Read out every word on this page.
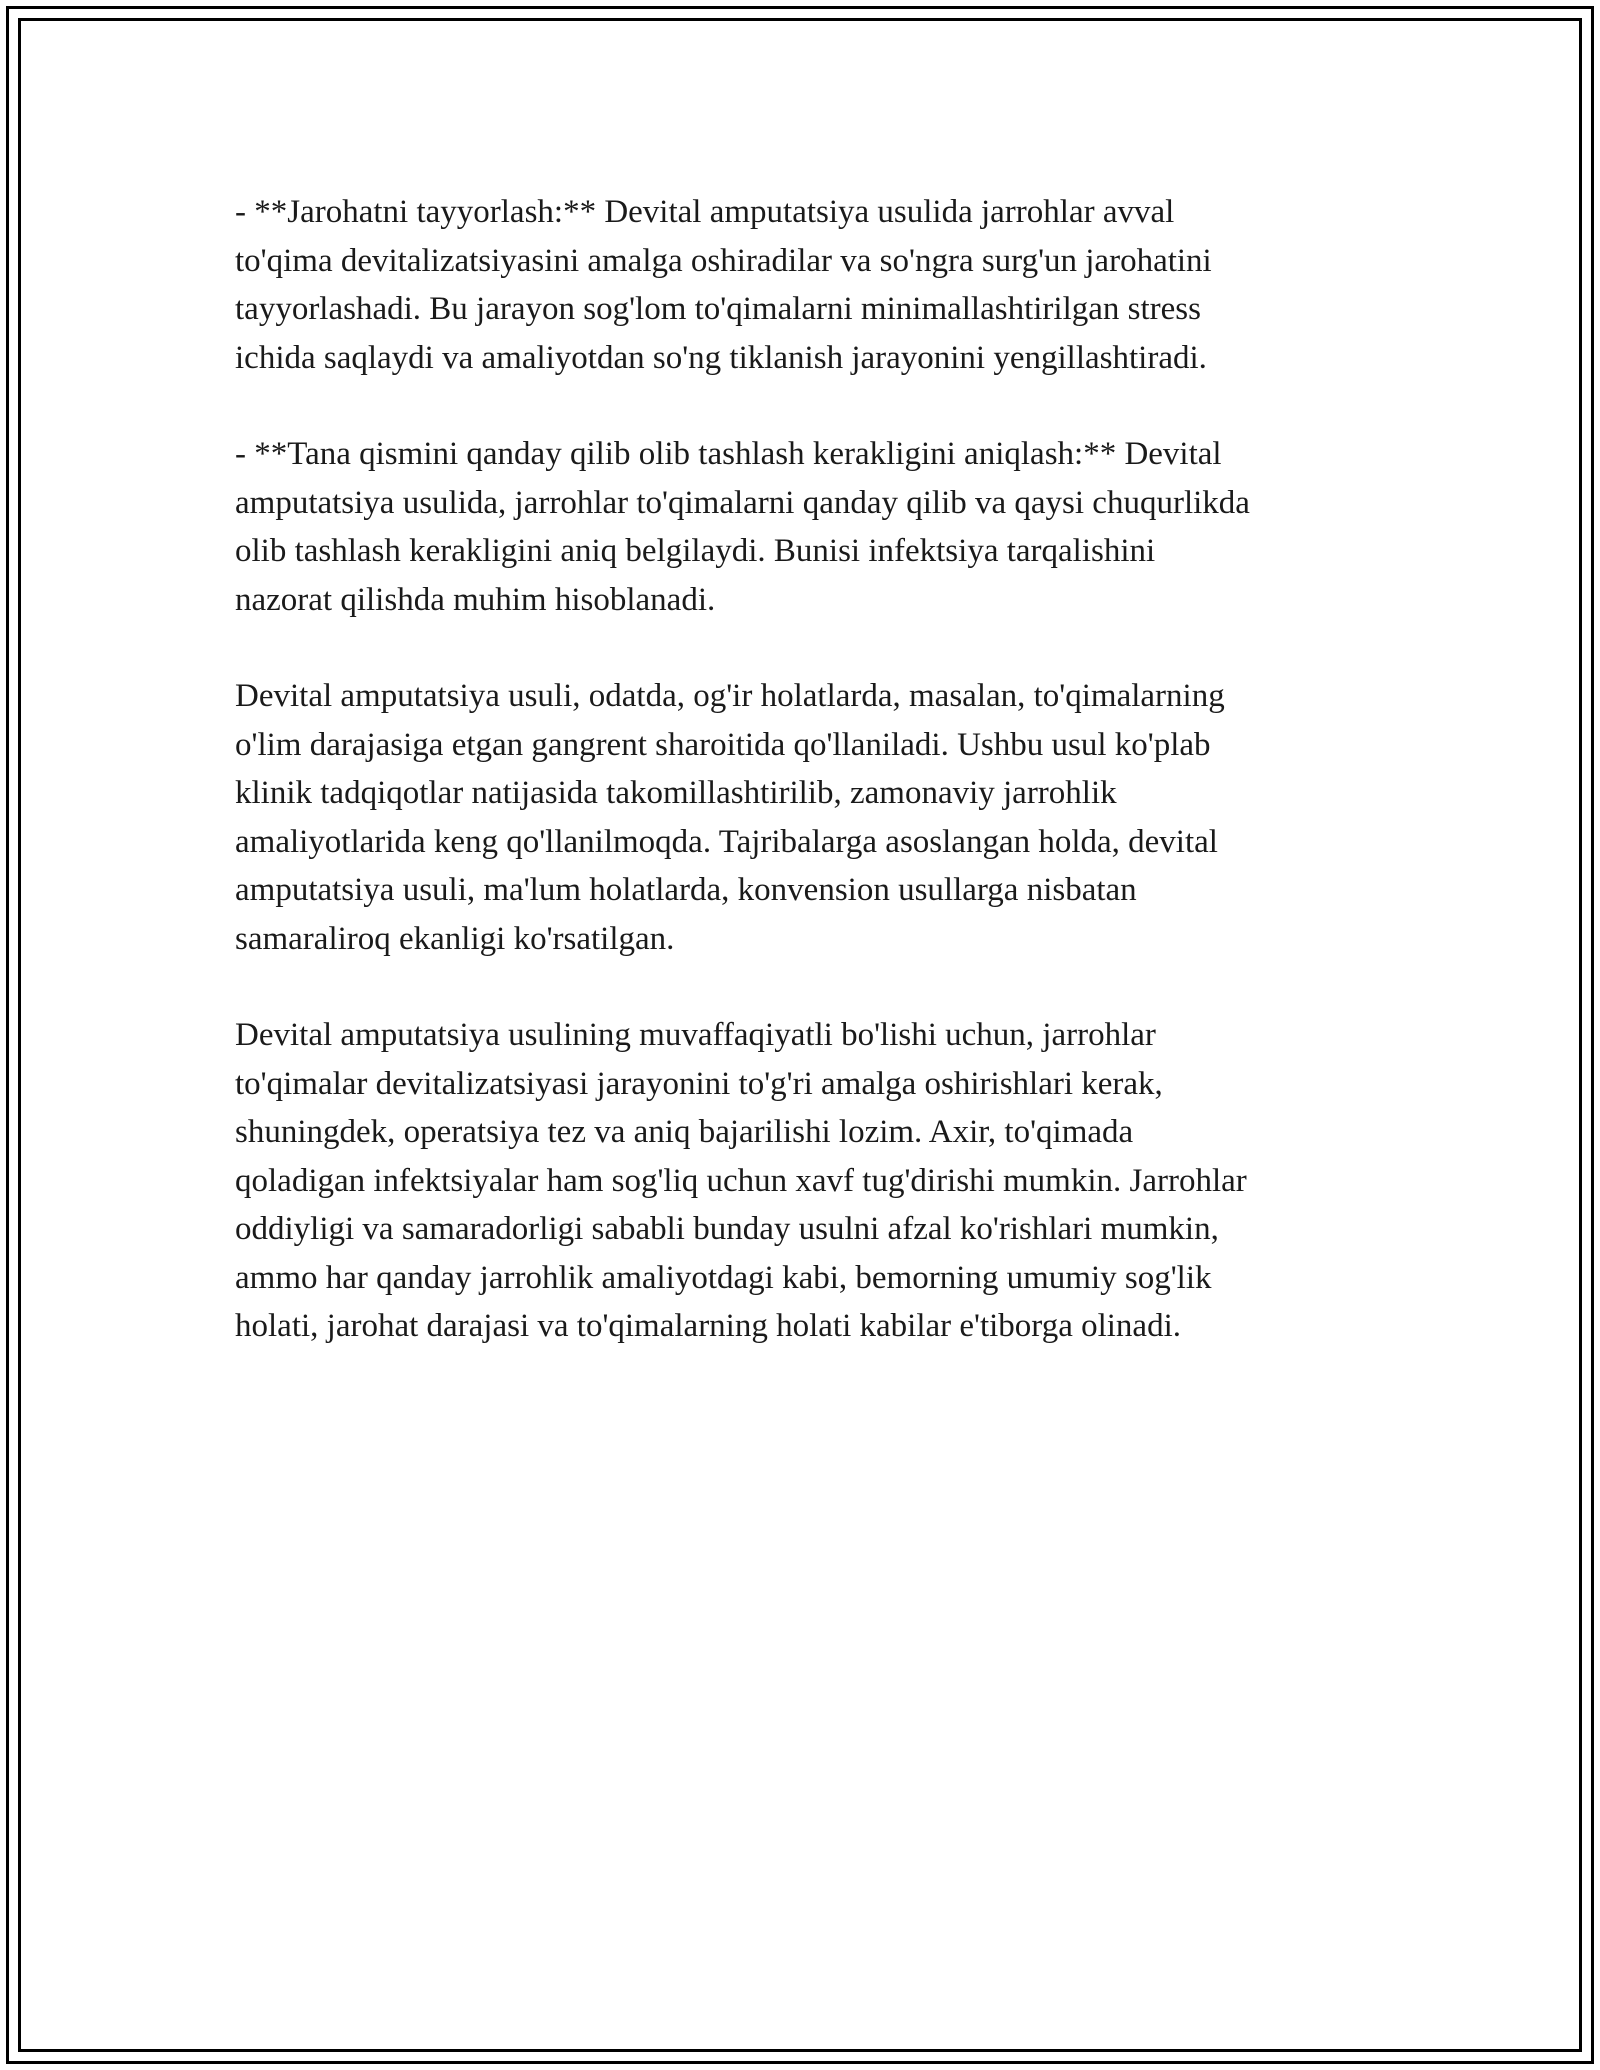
- **Jarohatni tayyorlash:** Devital amputatsiya usulida jarrohlar avval
to'qima devitalizatsiyasini amalga oshiradilar va so'ngra surg'un jarohatini
tayyorlashadi. Bu jarayon sog'lom to'qimalarni minimallashtirilgan stress
ichida saqlaydi va amaliyotdan so'ng tiklanish jarayonini yengillashtiradi.

- **Tana qismini qanday qilib olib tashlash kerakligini aniqlash:** Devital
amputatsiya usulida, jarrohlar to'qimalarni qanday qilib va qaysi chuqurlikda
olib tashlash kerakligini aniq belgilaydi. Bunisi infektsiya tarqalishini
nazorat qilishda muhim hisoblanadi.

Devital amputatsiya usuli, odatda, og'ir holatlarda, masalan, to'qimalarning
o'lim darajasiga etgan gangrent sharoitida qo'llaniladi. Ushbu usul ko'plab
klinik tadqiqotlar natijasida takomillashtirilib, zamonaviy jarrohlik
amaliyotlarida keng qo'llanilmoqda. Tajribalarga asoslangan holda, devital
amputatsiya usuli, ma'lum holatlarda, konvension usullarga nisbatan
samaraliroq ekanligi ko'rsatilgan.

Devital amputatsiya usulining muvaffaqiyatli bo'lishi uchun, jarrohlar
to'qimalar devitalizatsiyasi jarayonini to'g'ri amalga oshirishlari kerak,
shuningdek, operatsiya tez va aniq bajarilishi lozim. Axir, to'qimada
qoladigan infektsiyalar ham sog'liq uchun xavf tug'dirishi mumkin. Jarrohlar
oddiyligi va samaradorligi sababli bunday usulni afzal ko'rishlari mumkin,
ammo har qanday jarrohlik amaliyotdagi kabi, bemorning umumiy sog'lik
holati, jarohat darajasi va to'qimalarning holati kabilar e'tiborga olinadi.
